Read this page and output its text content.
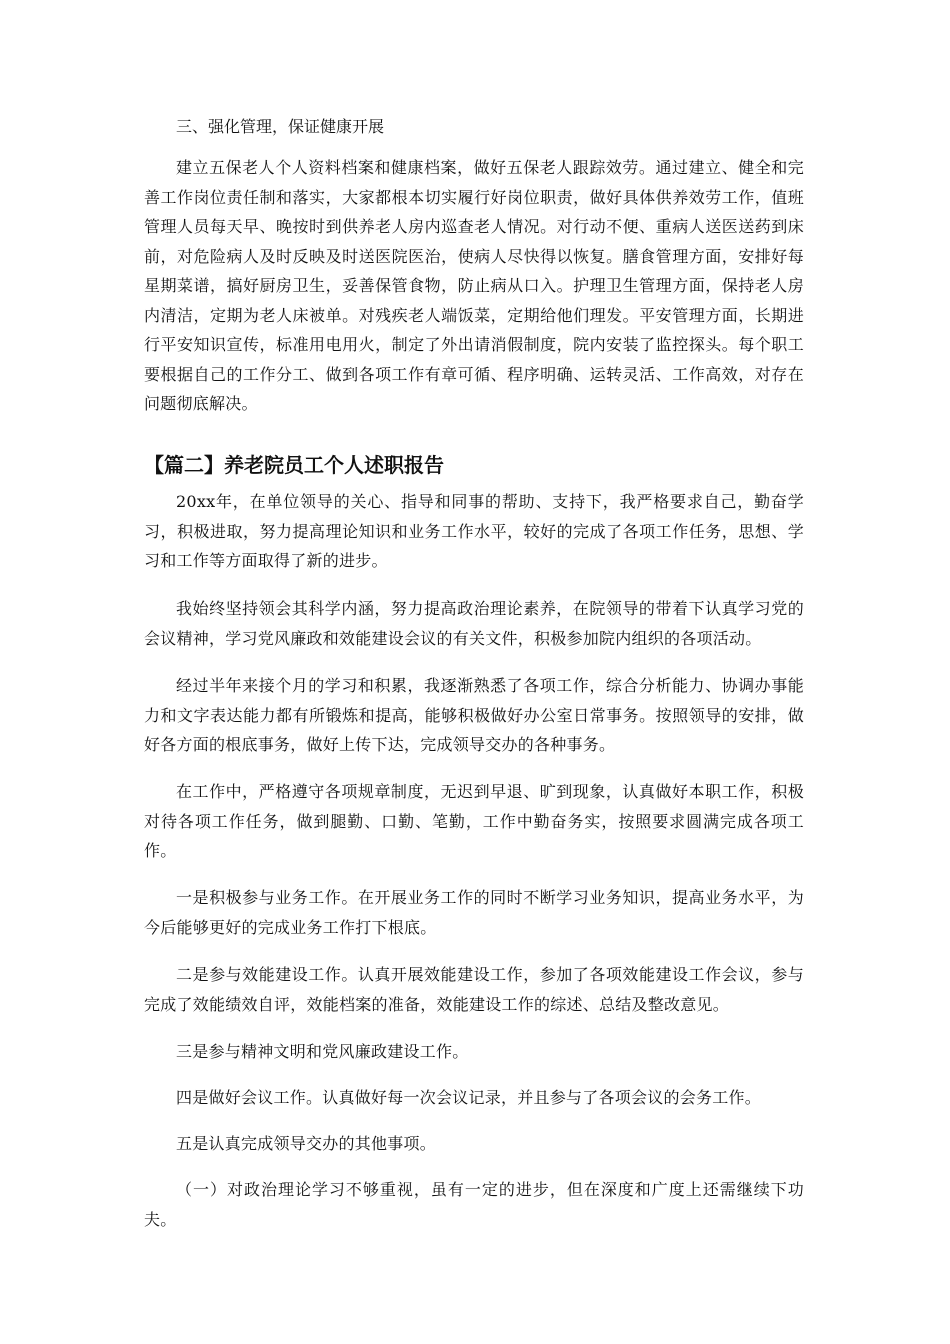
三、强化管理，保证健康开展

建立五保老人个人资料档案和健康档案，做好五保老人跟踪效劳。通过建立、健全和完善工作岗位责任制和落实，大家都根本切实履行好岗位职责，做好具体供养效劳工作，值班管理人员每天早、晚按时到供养老人房内巡查老人情况。对行动不便、重病人送医送药到床前，对危险病人及时反映及时送医院医治，使病人尽快得以恢复。膳食管理方面，安排好每星期菜谱，搞好厨房卫生，妥善保管食物，防止病从口入。护理卫生管理方面，保持老人房内清洁，定期为老人床被单。对残疾老人端饭菜，定期给他们理发。平安管理方面，长期进行平安知识宣传，标准用电用火，制定了外出请消假制度，院内安装了监控探头。每个职工要根据自己的工作分工、做到各项工作有章可循、程序明确、运转灵活、工作高效，对存在问题彻底解决。

【篇二】养老院员工个人述职报告

20xx年，在单位领导的关心、指导和同事的帮助、支持下，我严格要求自己，勤奋学习，积极进取，努力提高理论知识和业务工作水平，较好的完成了各项工作任务，思想、学习和工作等方面取得了新的进步。

我始终坚持领会其科学内涵，努力提高政治理论素养，在院领导的带着下认真学习党的会议精神，学习党风廉政和效能建设会议的有关文件，积极参加院内组织的各项活动。

经过半年来接个月的学习和积累，我逐渐熟悉了各项工作，综合分析能力、协调办事能力和文字表达能力都有所锻炼和提高，能够积极做好办公室日常事务。按照领导的安排，做好各方面的根底事务，做好上传下达，完成领导交办的各种事务。

在工作中，严格遵守各项规章制度，无迟到早退、旷到现象，认真做好本职工作，积极对待各项工作任务，做到腿勤、口勤、笔勤，工作中勤奋务实，按照要求圆满完成各项工作。

一是积极参与业务工作。在开展业务工作的同时不断学习业务知识，提高业务水平，为今后能够更好的完成业务工作打下根底。

二是参与效能建设工作。认真开展效能建设工作，参加了各项效能建设工作会议，参与完成了效能绩效自评，效能档案的准备，效能建设工作的综述、总结及整改意见。

三是参与精神文明和党风廉政建设工作。

四是做好会议工作。认真做好每一次会议记录，并且参与了各项会议的会务工作。

五是认真完成领导交办的其他事项。

（一）对政治理论学习不够重视，虽有一定的进步，但在深度和广度上还需继续下功夫。
